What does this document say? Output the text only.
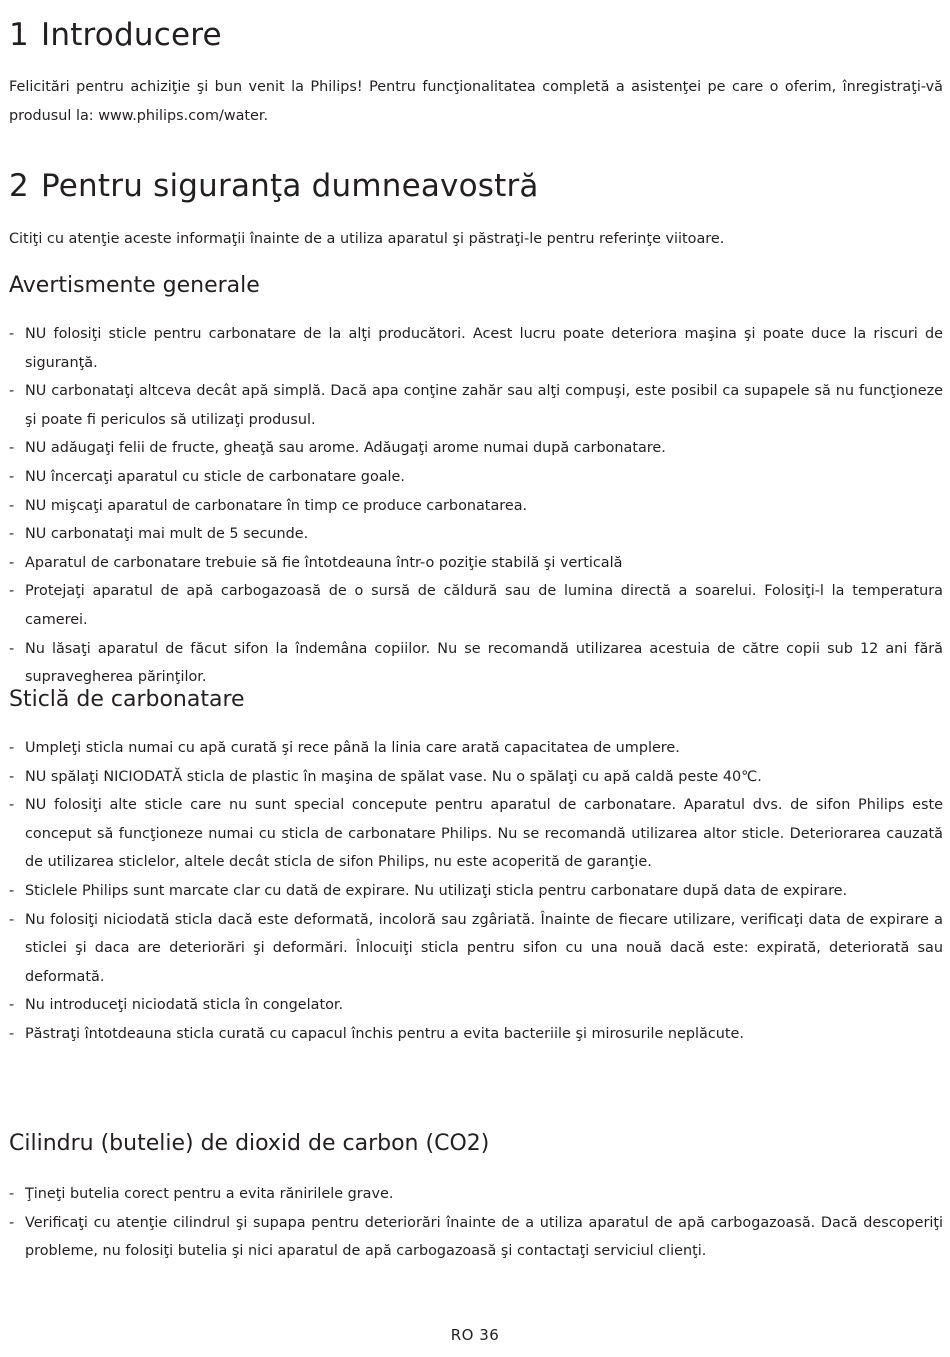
1 Introducere

Felicitări pentru achiziţie şi bun venit la Philips! Pentru funcţionalitatea completă a asistenţei pe care o oferim, înregistraţi-vă produsul la: www.philips.com/water.

2 Pentru siguranţa dumneavostră

Citiţi cu atenţie aceste informaţii înainte de a utiliza aparatul şi păstraţi-le pentru referinţe viitoare.

Avertismente generale
- NU folosiţi sticle pentru carbonatare de la alţi producători. Acest lucru poate deteriora maşina şi poate duce la riscuri de siguranţă.
- NU carbonataţi altceva decât apă simplă. Dacă apa conţine zahăr sau alţi compuşi, este posibil ca supapele să nu funcţioneze şi poate fi periculos să utilizaţi produsul.
- NU adăugaţi felii de fructe, gheaţă sau arome. Adăugaţi arome numai după carbonatare.
- NU încercaţi aparatul cu sticle de carbonatare goale.
- NU mişcaţi aparatul de carbonatare în timp ce produce carbonatarea.
- NU carbonataţi mai mult de 5 secunde.
- Aparatul de carbonatare trebuie să fie întotdeauna într-o poziţie stabilă şi verticală
- Protejaţi aparatul de apă carbogazoasă de o sursă de căldură sau de lumina directă a soarelui. Folosiţi-l la temperatura camerei.
- Nu lăsaţi aparatul de făcut sifon la îndemâna copiilor. Nu se recomandă utilizarea acestuia de către copii sub 12 ani fără supravegherea părinţilor.
Sticlă de carbonatare
- Umpleţi sticla numai cu apă curată şi rece până la linia care arată capacitatea de umplere.
- NU spălaţi NICIODATĂ sticla de plastic în maşina de spălat vase. Nu o spălaţi cu apă caldă peste 40℃.
- NU folosiţi alte sticle care nu sunt special concepute pentru aparatul de carbonatare. Aparatul dvs. de sifon Philips este conceput să funcţioneze numai cu sticla de carbonatare Philips. Nu se recomandă utilizarea altor sticle. Deteriorarea cauzată de utilizarea sticlelor, altele decât sticla de sifon Philips, nu este acoperită de garanţie.
- Sticlele Philips sunt marcate clar cu dată de expirare. Nu utilizaţi sticla pentru carbonatare după data de expirare.
- Nu folosiţi niciodată sticla dacă este deformată, incoloră sau zgâriată. Înainte de fiecare utilizare, verificaţi data de expirare a sticlei şi daca are deteriorări şi deformări. Înlocuiţi sticla pentru sifon cu una nouă dacă este: expirată, deteriorată sau deformată.
- Nu introduceţi niciodată sticla în congelator.
- Păstraţi întotdeauna sticla curată cu capacul închis pentru a evita bacteriile şi mirosurile neplăcute.
Cilindru (butelie) de dioxid de carbon (CO2)
- Ţineţi butelia corect pentru a evita rănirilele grave.
- Verificaţi cu atenţie cilindrul şi supapa pentru deteriorări înainte de a utiliza aparatul de apă carbogazoasă. Dacă descoperiţi probleme, nu folosiţi butelia şi nici aparatul de apă carbogazoasă şi contactaţi serviciul clienţi.
RO 36
